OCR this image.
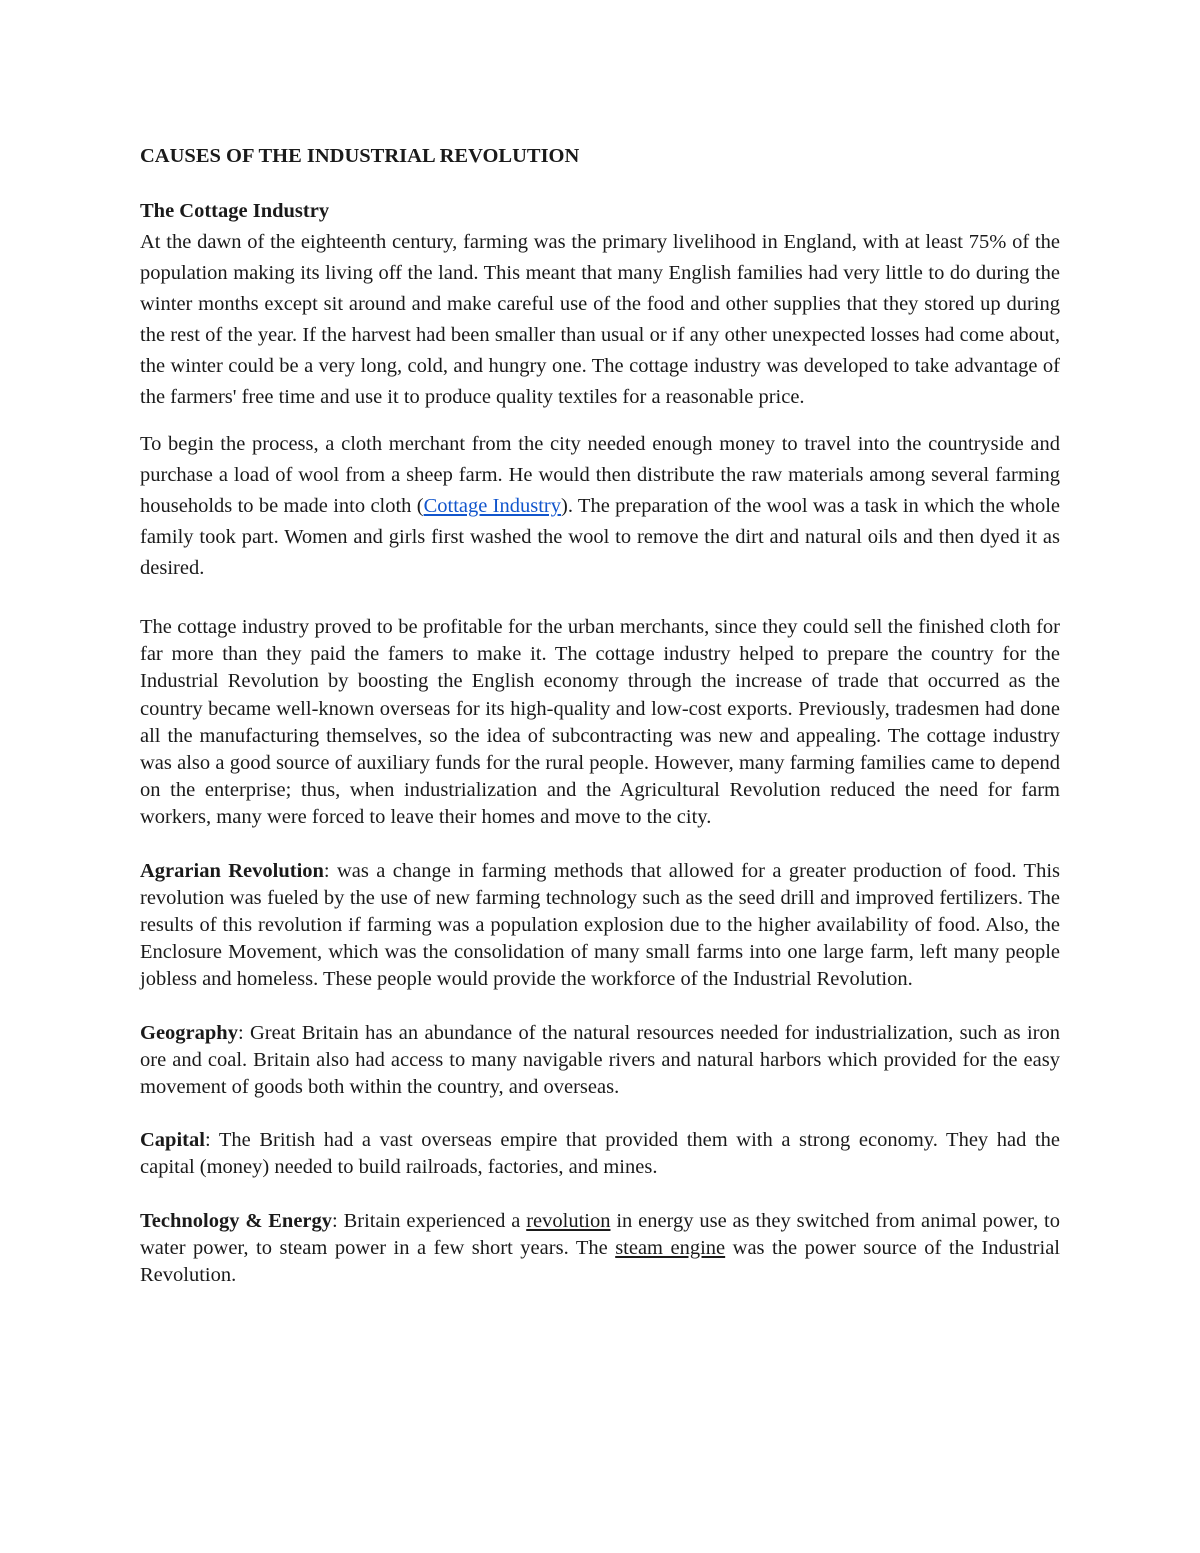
CAUSES OF THE INDUSTRIAL REVOLUTION
The Cottage Industry

At the dawn of the eighteenth century, farming was the primary livelihood in England, with at least 75% of the population making its living off the land. This meant that many English families had very little to do during the winter months except sit around and make careful use of the food and other supplies that they stored up during the rest of the year. If the harvest had been smaller than usual or if any other unexpected losses had come about, the winter could be a very long, cold, and hungry one. The cottage industry was developed to take advantage of the farmers' free time and use it to produce quality textiles for a reasonable price.

To begin the process, a cloth merchant from the city needed enough money to travel into the countryside and purchase a load of wool from a sheep farm. He would then distribute the raw materials among several farming households to be made into cloth (Cottage Industry). The preparation of the wool was a task in which the whole family took part. Women and girls first washed the wool to remove the dirt and natural oils and then dyed it as desired.

The cottage industry proved to be profitable for the urban merchants, since they could sell the finished cloth for far more than they paid the famers to make it. The cottage industry helped to prepare the country for the Industrial Revolution by boosting the English economy through the increase of trade that occurred as the country became well-known overseas for its high-quality and low-cost exports. Previously, tradesmen had done all the manufacturing themselves, so the idea of subcontracting was new and appealing. The cottage industry was also a good source of auxiliary funds for the rural people. However, many farming families came to depend on the enterprise; thus, when industrialization and the Agricultural Revolution reduced the need for farm workers, many were forced to leave their homes and move to the city.

Agrarian Revolution: was a change in farming methods that allowed for a greater production of food. This revolution was fueled by the use of new farming technology such as the seed drill and improved fertilizers. The results of this revolution if farming was a population explosion due to the higher availability of food. Also, the Enclosure Movement, which was the consolidation of many small farms into one large farm, left many people jobless and homeless. These people would provide the workforce of the Industrial Revolution.

Geography: Great Britain has an abundance of the natural resources needed for industrialization, such as iron ore and coal. Britain also had access to many navigable rivers and natural harbors which provided for the easy movement of goods both within the country, and overseas.

Capital: The British had a vast overseas empire that provided them with a strong economy. They had the capital (money) needed to build railroads, factories, and mines.

Technology & Energy: Britain experienced a revolution in energy use as they switched from animal power, to water power, to steam power in a few short years. The steam engine was the power source of the Industrial Revolution.
